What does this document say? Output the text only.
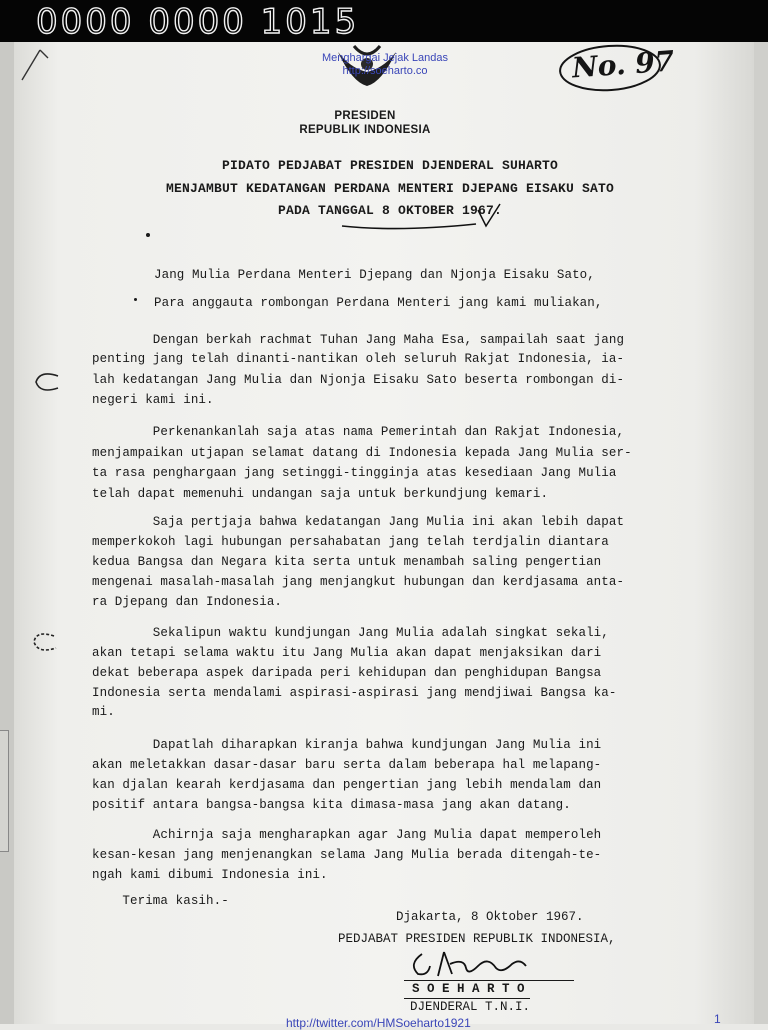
0000 0000 1015
Menghargai Jejak Landas
http://soeharto.co	No. 97
PRESIDEN
REPUBLIK INDONESIA
PIDATO PEDJABAT PRESIDEN DJENDERAL SUHARTO
MENJAMBUT KEDATANGAN PERDANA MENTERI DJEPANG EISAKU SATO
PADA TANGGAL 8 OKTOBER 1967.
Jang Mulia Perdana Menteri Djepang dan Njonja Eisaku Sato,
Para anggauta rombongan Perdana Menteri jang kami muliakan,
Dengan berkah rachmat Tuhan Jang Maha Esa, sampailah saat jang
penting jang telah dinanti-nantikan oleh seluruh Rakjat Indonesia, ia-
lah kedatangan Jang Mulia dan Njonja Eisaku Sato beserta rombongan di-
negeri kami ini.
Perkenankanlah saja atas nama Pemerintah dan Rakjat Indonesia,
menjampaikan utjapan selamat datang di Indonesia kepada Jang Mulia ser-
ta rasa penghargaan jang setinggi-tingginja atas kesediaan Jang Mulia
telah dapat memenuhi undangan saja untuk berkundjung kemari.
Saja pertjaja bahwa kedatangan Jang Mulia ini akan lebih dapat
memperkokoh lagi hubungan persahabatan jang telah terdjalin diantara
kedua Bangsa dan Negara kita serta untuk menambah saling pengertian
mengenai masalah-masalah jang menjangkut hubungan dan kerdjasama anta-
ra Djepang dan Indonesia.
Sekalipun waktu kundjungan Jang Mulia adalah singkat sekali,
akan tetapi selama waktu itu Jang Mulia akan dapat menjaksikan dari
dekat beberapa aspek daripada peri kehidupan dan penghidupan Bangsa
Indonesia serta mendalami aspirasi-aspirasi jang mendjiwai Bangsa ka-
mi.
Dapatlah diharapkan kiranja bahwa kundjungan Jang Mulia ini
akan meletakkan dasar-dasar baru serta dalam beberapa hal melapang-
kan djalan kearah kerdjasama dan pengertian jang lebih mendalam dan
positif antara bangsa-bangsa kita dimasa-masa jang akan datang.
Achirnja saja mengharapkan agar Jang Mulia dapat memperoleh
kesan-kesan jang menjenangkan selama Jang Mulia berada ditengah-te-
ngah kami dibumi Indonesia ini.
Terima kasih.-
Djakarta, 8 Oktober 1967.
PEDJABAT PRESIDEN REPUBLIK INDONESIA,
S O E H A R T O
DJENDERAL T.N.I.
http://twitter.com/HMSoeharto1921	1
